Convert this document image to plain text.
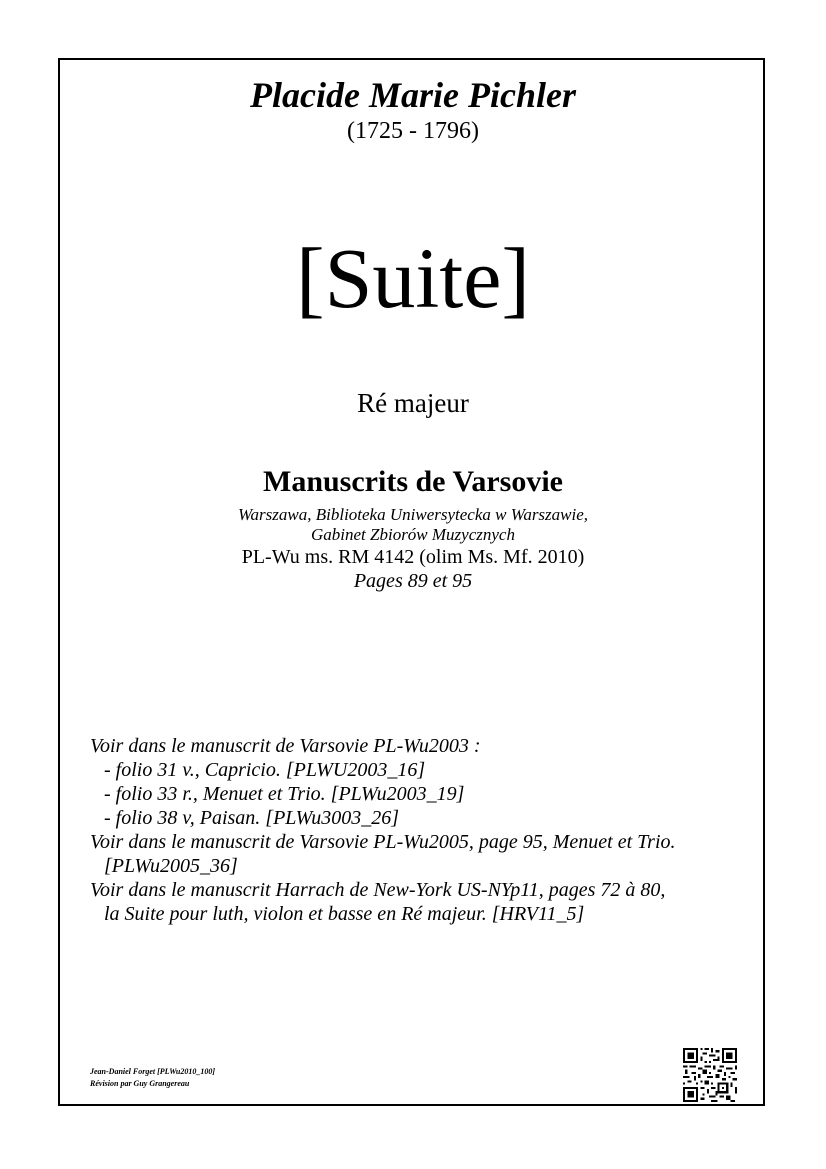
Placide Marie Pichler
(1725 - 1796)
[Suite]
Ré majeur
Manuscrits de Varsovie
Warszawa, Biblioteka Uniwersytecka w Warszawie,
Gabinet Zbiorów Muzycznych
PL-Wu ms. RM 4142 (olim Ms. Mf. 2010)
Pages 89 et 95
Voir dans le manuscrit de Varsovie PL-Wu2003 :
- folio 31 v., Capricio. [PLWU2003_16]
- folio 33 r., Menuet et Trio. [PLWu2003_19]
- folio 38 v, Paisan. [PLWu3003_26]
Voir dans le manuscrit de Varsovie PL-Wu2005, page 95, Menuet et Trio.
[PLWu2005_36]
Voir dans le manuscrit Harrach de New-York US-NYp11, pages 72 à 80,
la Suite pour luth, violon et basse en Ré majeur. [HRV11_5]
Jean-Daniel Forget [PLWu2010_100]
Révision par Guy Grangereau
